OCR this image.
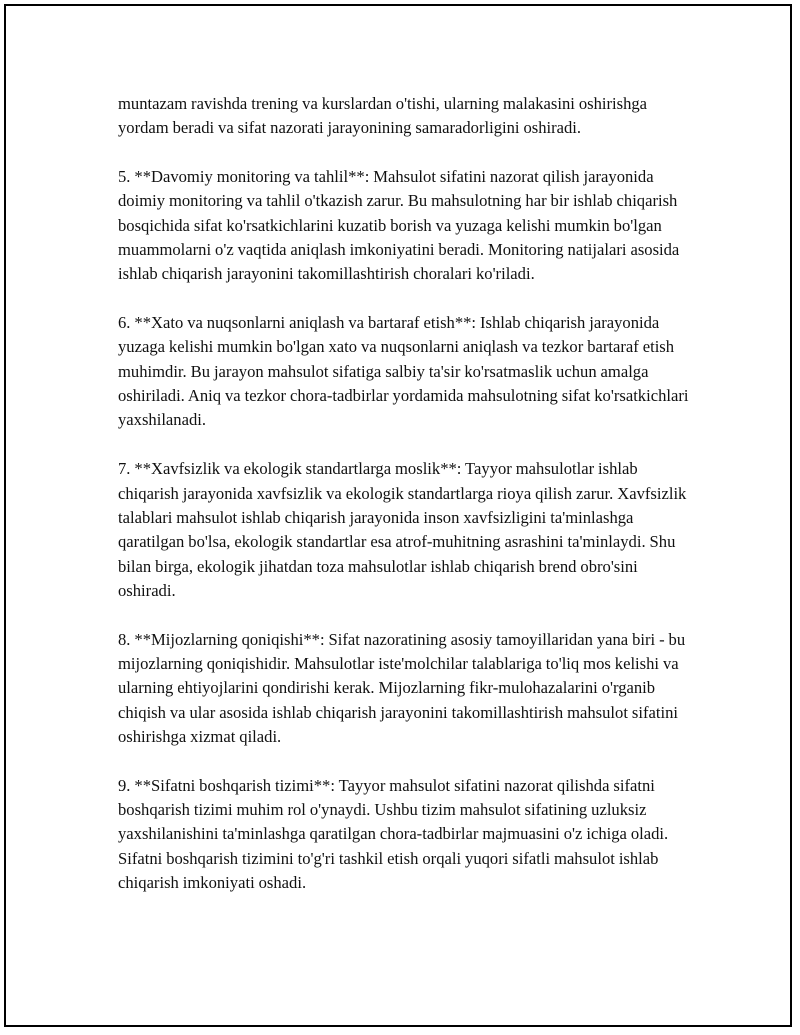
muntazam ravishda trening va kurslardan o'tishi, ularning malakasini oshirishga yordam beradi va sifat nazorati jarayonining samaradorligini oshiradi.

5. **Davomiy monitoring va tahlil**: Mahsulot sifatini nazorat qilish jarayonida doimiy monitoring va tahlil o'tkazish zarur. Bu mahsulotning har bir ishlab chiqarish bosqichida sifat ko'rsatkichlarini kuzatib borish va yuzaga kelishi mumkin bo'lgan muammolarni o'z vaqtida aniqlash imkoniyatini beradi. Monitoring natijalari asosida ishlab chiqarish jarayonini takomillashtirish choralari ko'riladi.

6. **Xato va nuqsonlarni aniqlash va bartaraf etish**: Ishlab chiqarish jarayonida yuzaga kelishi mumkin bo'lgan xato va nuqsonlarni aniqlash va tezkor bartaraf etish muhimdir. Bu jarayon mahsulot sifatiga salbiy ta'sir ko'rsatmaslik uchun amalga oshiriladi. Aniq va tezkor chora-tadbirlar yordamida mahsulotning sifat ko'rsatkichlari yaxshilanadi.

7. **Xavfsizlik va ekologik standartlarga moslik**: Tayyor mahsulotlar ishlab chiqarish jarayonida xavfsizlik va ekologik standartlarga rioya qilish zarur. Xavfsizlik talablari mahsulot ishlab chiqarish jarayonida inson xavfsizligini ta'minlashga qaratilgan bo'lsa, ekologik standartlar esa atrof-muhitning asrashini ta'minlaydi. Shu bilan birga, ekologik jihatdan toza mahsulotlar ishlab chiqarish brend obro'sini oshiradi.

8. **Mijozlarning qoniqishi**: Sifat nazoratining asosiy tamoyillaridan yana biri - bu mijozlarning qoniqishidir. Mahsulotlar iste'molchilar talablariga to'liq mos kelishi va ularning ehtiyojlarini qondirishi kerak. Mijozlarning fikr-mulohazalarini o'rganib chiqish va ular asosida ishlab chiqarish jarayonini takomillashtirish mahsulot sifatini oshirishga xizmat qiladi.

9. **Sifatni boshqarish tizimi**: Tayyor mahsulot sifatini nazorat qilishda sifatni boshqarish tizimi muhim rol o'ynaydi. Ushbu tizim mahsulot sifatining uzluksiz yaxshilanishini ta'minlashga qaratilgan chora-tadbirlar majmuasini o'z ichiga oladi. Sifatni boshqarish tizimini to'g'ri tashkil etish orqali yuqori sifatli mahsulot ishlab chiqarish imkoniyati oshadi.
